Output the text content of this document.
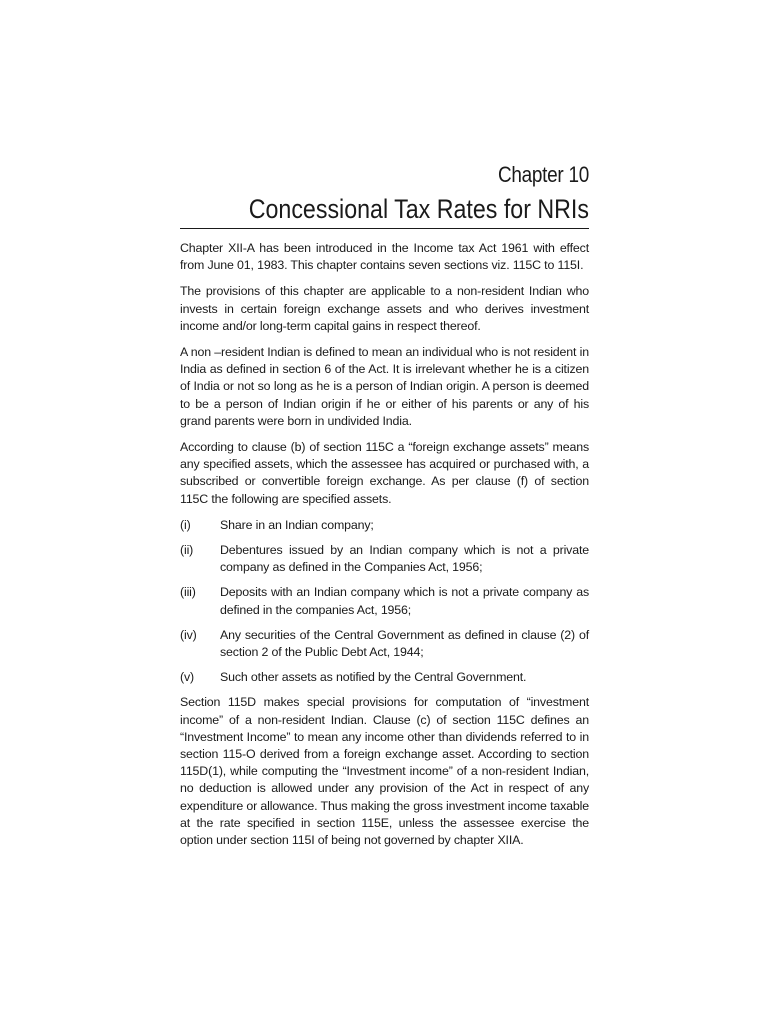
Chapter 10
Concessional Tax Rates for NRIs

Chapter XII-A has been introduced in the Income tax Act 1961 with effect from June 01, 1983. This chapter contains seven sections viz. 115C to 115I.

The provisions of this chapter are applicable to a non-resident Indian who invests in certain foreign exchange assets and who derives investment income and/or long-term capital gains in respect thereof.

A non –resident Indian is defined to mean an individual who is not resident in India as defined in section 6 of the Act. It is irrelevant whether he is a citizen of India or not so long as he is a person of Indian origin. A person is deemed to be a person of Indian origin if he or either of his parents or any of his grand parents were born in undivided India.

According to clause (b) of section 115C a “foreign exchange assets” means any specified assets, which the assessee has acquired or purchased with, a subscribed or convertible foreign exchange. As per clause (f) of section 115C the following are specified assets.

(i)	Share in an Indian company;
(ii)	Debentures issued by an Indian company which is not a private company as defined in the Companies Act, 1956;
(iii)	Deposits with an Indian company which is not a private company as defined in the companies Act, 1956;
(iv)	Any securities of the Central Government as defined in clause (2) of section 2 of the Public Debt Act, 1944;
(v)	Such other assets as notified by the Central Government.

Section 115D makes special provisions for computation of “investment income” of a non-resident Indian. Clause (c) of section 115C defines an “Investment Income” to mean any income other than dividends referred to in section 115-O derived from a foreign exchange asset. According to section 115D(1), while computing the “Investment income” of a non-resident Indian, no deduction is allowed under any provision of the Act in respect of any expenditure or allowance. Thus making the gross investment income taxable at the rate specified in section 115E, unless the assessee exercise the option under section 115I of being not governed by chapter XIIA.
